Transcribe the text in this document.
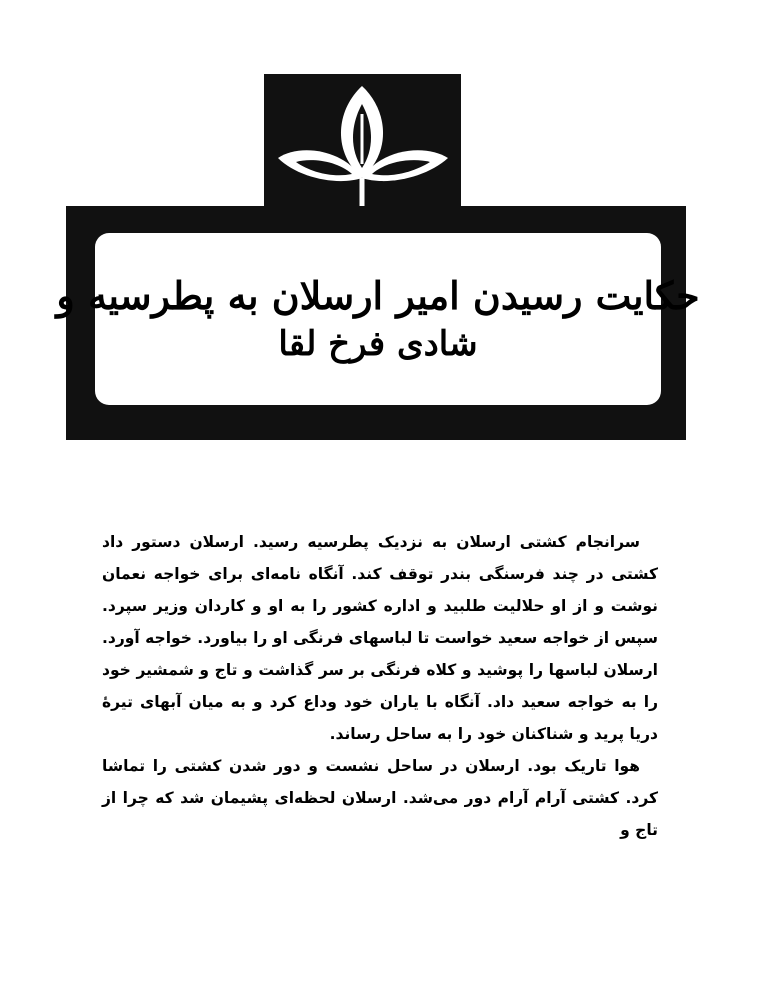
حکایت رسیدن امیر ارسلان به پطرسیه و
شادی فرخ لقا

سرانجام کشتی ارسلان به نزدیک پطرسیه رسید. ارسلان دستور داد کشتی در چند فرسنگی بندر توقف کند. آنگاه نامه‌ای برای خواجه نعمان نوشت و از او حلالیت طلبید و اداره کشور را به او و کاردان وزیر سپرد. سپس از خواجه سعید خواست تا لباسهای فرنگی او را بیاورد. خواجه آورد. ارسلان لباسها را پوشید و کلاه فرنگی بر سر گذاشت و تاج و شمشیر خود را به خواجه سعید داد. آنگاه با یاران خود وداع کرد و به میان آبهای تیرهٔ دریا پرید و شناکنان خود را به ساحل رساند.

هوا تاریک بود. ارسلان در ساحل نشست و دور شدن کشتی را تماشا کرد. کشتی آرام آرام دور می‌شد. ارسلان لحظه‌ای پشیمان شد که چرا از تاج و
